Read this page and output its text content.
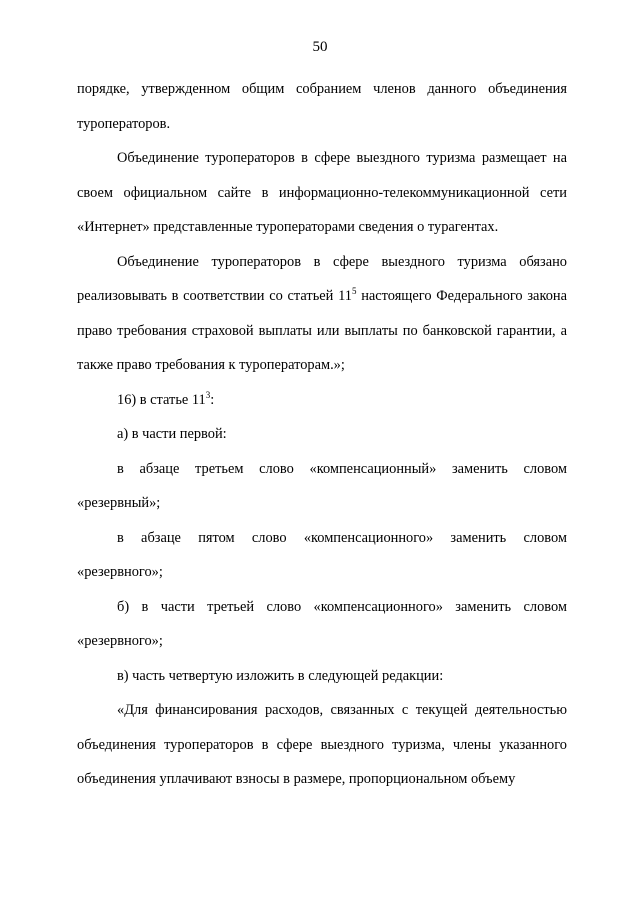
50

порядке, утвержденном общим собранием членов данного объединения туроператоров.

Объединение туроператоров в сфере выездного туризма размещает на своем официальном сайте в информационно-телекоммуникационной сети «Интернет» представленные туроператорами сведения о турагентах.

Объединение туроператоров в сфере выездного туризма обязано реализовывать в соответствии со статьей $11^5$ настоящего Федерального закона право требования страховой выплаты или выплаты по банковской гарантии, а также право требования к туроператорам.»;

16) в статье $11^3$:

а) в части первой:

в абзаце третьем слово «компенсационный» заменить словом «резервный»;

в абзаце пятом слово «компенсационного» заменить словом «резервного»;

б) в части третьей слово «компенсационного» заменить словом «резервного»;

в) часть четвертую изложить в следующей редакции:

«Для финансирования расходов, связанных с текущей деятельностью объединения туроператоров в сфере выездного туризма, члены указанного объединения уплачивают взносы в размере, пропорциональном объему
